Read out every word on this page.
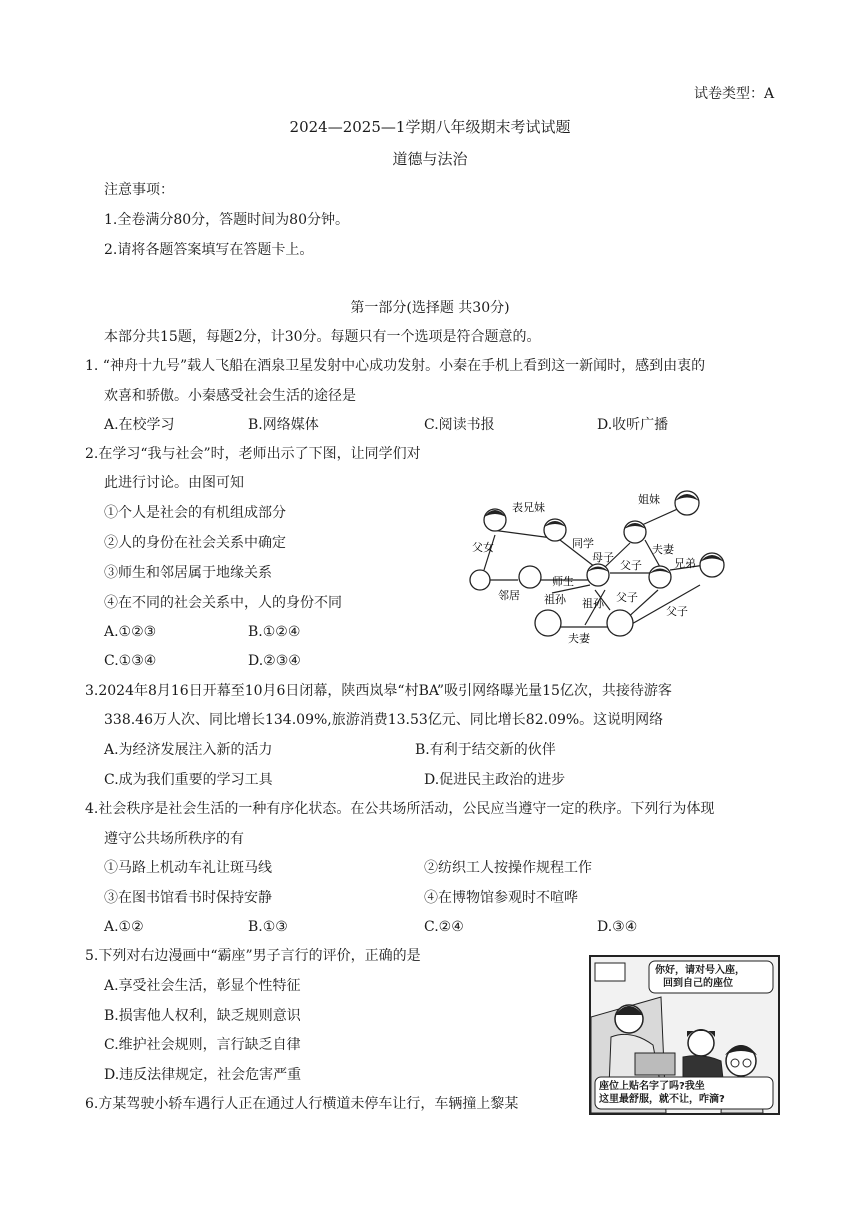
试卷类型：A
2024—2025—1学期八年级期末考试试题
道德与法治
注意事项：
1.全卷满分80分，答题时间为80分钟。
2.请将各题答案填写在答题卡上。
第一部分(选择题 共30分)
本部分共15题，每题2分，计30分。每题只有一个选项是符合题意的。
1. “神舟十九号”载人飞船在酒泉卫星发射中心成功发射。小秦在手机上看到这一新闻时，感到由衷的
欢喜和骄傲。小秦感受社会生活的途径是
A.在校学习	B.网络媒体	C.阅读书报	D.收听广播
2.在学习“我与社会”时，老师出示了下图，让同学们对
此进行讨论。由图可知
①个人是社会的有机组成部分
②人的身份在社会关系中确定
③师生和邻居属于地缘关系
④在不同的社会关系中，人的身份不同
A.①②③	B.①②④
C.①③④	D.②③④
表兄妹
姐妹
同学
母子
夫妻
父女
父子	兄弟
师生
邻居 祖孙 祖孙 父子
父子
夫妻
3.2024年8月16日开幕至10月6日闭幕，陕西岚皋“村BA”吸引网络曝光量15亿次，共接待游客
338.46万人次、同比增长134.09%,旅游消费13.53亿元、同比增长82.09%。这说明网络
A.为经济发展注入新的活力	B.有利于结交新的伙伴
C.成为我们重要的学习工具	D.促进民主政治的进步
4.社会秩序是社会生活的一种有序化状态。在公共场所活动，公民应当遵守一定的秩序。下列行为体现
遵守公共场所秩序的有
①马路上机动车礼让斑马线	②纺织工人按操作规程工作
③在图书馆看书时保持安静	④在博物馆参观时不喧哗
A.①②	B.①③	C.②④	D.③④
5.下列对右边漫画中“霸座”男子言行的评价，正确的是
A.享受社会生活，彰显个性特征
B.损害他人权利，缺乏规则意识
C.维护社会规则，言行缺乏自律
D.违反法律规定，社会危害严重
你好，请对号入座，
回到自己的座位
座位上贴名字了吗?我坐
这里最舒服，就不让，咋滴?
6.方某驾驶小轿车遇行人正在通过人行横道未停车让行，车辆撞上黎某
